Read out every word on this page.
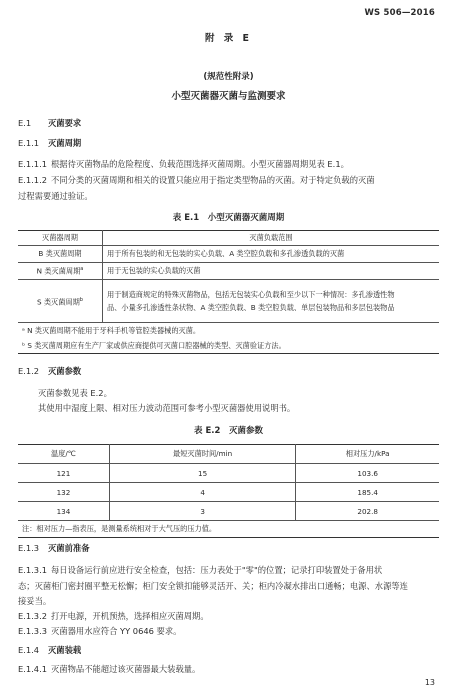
WS 506—2016
附 录 E
(规范性附录)
小型灭菌器灭菌与监测要求
E.1 灭菌要求
E.1.1 灭菌周期
E.1.1.1 根据待灭菌物品的危险程度、负载范围选择灭菌周期。小型灭菌器周期见表 E.1。
E.1.1.2 不同分类的灭菌周期和相关的设置只能应用于指定类型物品的灭菌。对于特定负载的灭菌
过程需要通过验证。
表 E.1　小型灭菌器灭菌周期
灭菌器周期	灭菌负载范围
B 类灭菌周期	用于所有包装的和无包装的实心负载、A 类空腔负载和多孔渗透负载的灭菌
N 类灭菌周期$^a$	用于无包装的实心负载的灭菌
S 类灭菌周期$^b$	用于制造商规定的特殊灭菌物品，包括无包装实心负载和至少以下一种情况：多孔渗透性物
品、小量多孔渗透性条状物、A 类空腔负载、B 类空腔负载、单层包装物品和多层包装物品

ᵃ N 类灭菌周期不能用于牙科手机等管腔类器械的灭菌。	
ᵇ S 类灭菌周期应有生产厂家或供应商提供可灭菌口腔器械的类型、灭菌验证方法。	
E.1.2 灭菌参数
灭菌参数见表 E.2。
其使用中湿度上限、相对压力波动范围可参考小型灭菌器使用说明书。
表 E.2　灭菌参数
温度/℃	最短灭菌时间/min	相对压力/kPa
121	15	103.6
132	4	185.4
134	3	202.8
注：相对压力—指表压，是测量系统相对于大气压的压力值。		
E.1.3 灭菌前准备
E.1.3.1 每日设备运行前应进行安全检查，包括：压力表处于"零"的位置；记录打印装置处于备用状
态；灭菌柜门密封圈平整无松懈；柜门安全锁扣能够灵活开、关；柜内冷凝水排出口通畅；电源、水源等连
接妥当。
E.1.3.2 打开电源，开机预热，选择相应灭菌周期。
E.1.3.3 灭菌器用水应符合 YY 0646 要求。
E.1.4 灭菌装载
E.1.4.1 灭菌物品不能超过该灭菌器最大装载量。
13
